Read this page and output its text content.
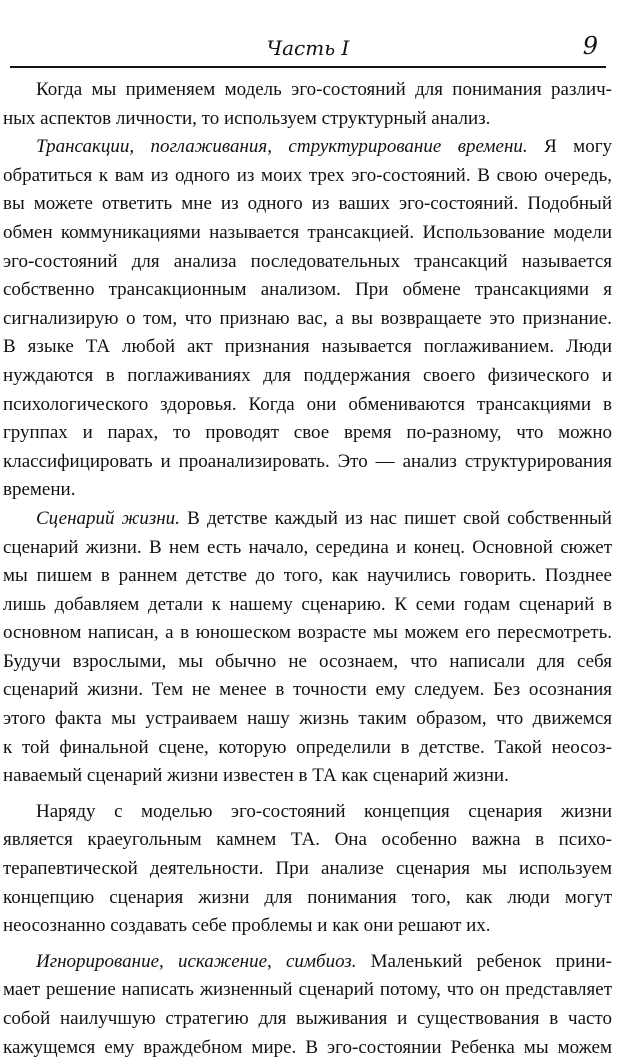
Часть I	9
Когда мы применяем модель эго-состояний для понимания различ-
ных аспектов личности, то используем структурный анализ.
Трансакции, поглаживания, структурирование времени. Я могу
обратиться к вам из одного из моих трех эго-состояний. В свою очередь,
вы можете ответить мне из одного из ваших эго-состояний. Подобный
обмен коммуникациями называется трансакцией. Использование модели
эго-состояний для анализа последовательных трансакций называется
собственно трансакционным анализом. При обмене трансакциями я
сигнализирую о том, что признаю вас, а вы возвращаете это признание.
В языке ТА любой акт признания называется поглаживанием. Люди
нуждаются в поглаживаниях для поддержания своего физического и
психологического здоровья. Когда они обмениваются трансакциями в
группах и парах, то проводят свое время по-разному, что можно
классифицировать и проанализировать. Это — анализ структурирования
времени.
Сценарий жизни. В детстве каждый из нас пишет свой собственный
сценарий жизни. В нем есть начало, середина и конец. Основной сюжет
мы пишем в раннем детстве до того, как научились говорить. Позднее
лишь добавляем детали к нашему сценарию. К семи годам сценарий в
основном написан, а в юношеском возрасте мы можем его пересмотреть.
Будучи взрослыми, мы обычно не осознаем, что написали для себя
сценарий жизни. Тем не менее в точности ему следуем. Без осознания
этого факта мы устраиваем нашу жизнь таким образом, что движемся
к той финальной сцене, которую определили в детстве. Такой неосоз-
наваемый сценарий жизни известен в ТА как сценарий жизни.
Наряду с моделью эго-состояний концепция сценария жизни
является краеугольным камнем ТА. Она особенно важна в психо-
терапевтической деятельности. При анализе сценария мы используем
концепцию сценария жизни для понимания того, как люди могут
неосознанно создавать себе проблемы и как они решают их.
Игнорирование, искажение, симбиоз. Маленький ребенок прини-
мает решение написать жизненный сценарий потому, что он представляет
собой наилучшую стратегию для выживания и существования в часто
кажущемся ему враждебном мире. В эго-состоянии Ребенка мы можем
